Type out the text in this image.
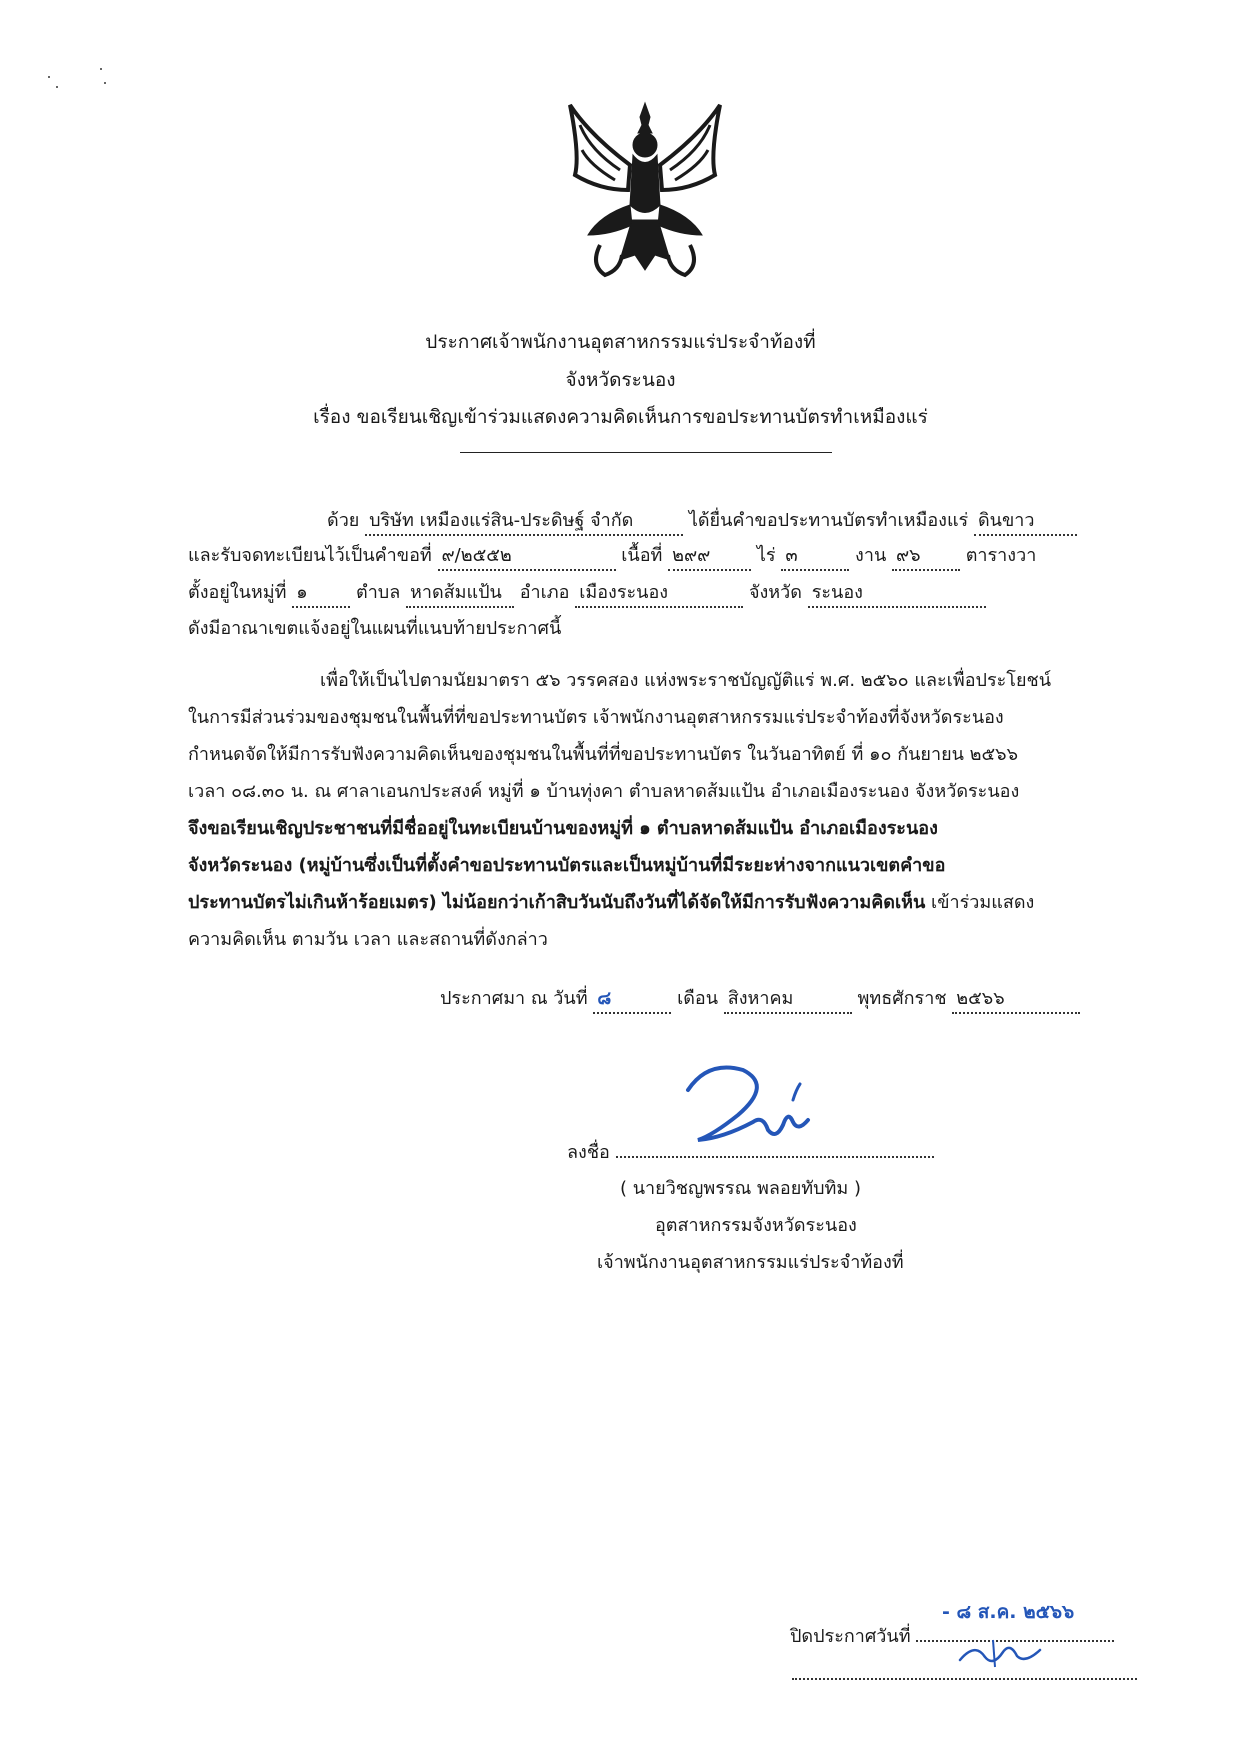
ประกาศเจ้าพนักงานอุตสาหกรรมแร่ประจำท้องที่
จังหวัดระนอง
เรื่อง ขอเรียนเชิญเข้าร่วมแสดงความคิดเห็นการขอประทานบัตรทำเหมืองแร่
ด้วย บริษัท เหมืองแร่สิน-ประดิษฐ์ จำกัด	ได้ยื่นคำขอประทานบัตรทำเหมืองแร่ ดินขาว
และรับจดทะเบียนไว้เป็นคำขอที่ ๙/๒๕๕๒	เนื้อที่ ๒๙๙	ไร่ ๓	งาน ๙๖	ตารางวา
ตั้งอยู่ในหมู่ที่ ๑	ตำบล หาดส้มแป้น อำเภอ เมืองระนอง	จังหวัด ระนอง
ดังมีอาณาเขตแจ้งอยู่ในแผนที่แนบท้ายประกาศนี้
เพื่อให้เป็นไปตามนัยมาตรา ๕๖ วรรคสอง แห่งพระราชบัญญัติแร่ พ.ศ. ๒๕๖๐ และเพื่อประโยชน์
ในการมีส่วนร่วมของชุมชนในพื้นที่ที่ขอประทานบัตร เจ้าพนักงานอุตสาหกรรมแร่ประจำท้องที่จังหวัดระนอง
กำหนดจัดให้มีการรับฟังความคิดเห็นของชุมชนในพื้นที่ที่ขอประทานบัตร ในวันอาทิตย์ ที่ ๑๐ กันยายน ๒๕๖๖
เวลา ๐๘.๓๐ น. ณ ศาลาเอนกประสงค์ หมู่ที่ ๑ บ้านทุ่งคา ตำบลหาดส้มแป้น อำเภอเมืองระนอง จังหวัดระนอง
จึงขอเรียนเชิญประชาชนที่มีชื่ออยู่ในทะเบียนบ้านของหมู่ที่ ๑ ตำบลหาดส้มแป้น อำเภอเมืองระนอง
จังหวัดระนอง (หมู่บ้านซึ่งเป็นที่ตั้งคำขอประทานบัตรและเป็นหมู่บ้านที่มีระยะห่างจากแนวเขตคำขอ
ประทานบัตรไม่เกินห้าร้อยเมตร) ไม่น้อยกว่าเก้าสิบวันนับถึงวันที่ได้จัดให้มีการรับฟังความคิดเห็น เข้าร่วมแสดง
ความคิดเห็น ตามวัน เวลา และสถานที่ดังกล่าว
ประกาศมา ณ วันที่ ๘	เดือน สิงหาคม	พุทธศักราช ๒๕๖๖
ลงชื่อ
( นายวิชญพรรณ พลอยทับทิม )
อุตสาหกรรมจังหวัดระนอง
เจ้าพนักงานอุตสาหกรรมแร่ประจำท้องที่
- ๘ ส.ค. ๒๕๖๖
ปิดประกาศวันที่
